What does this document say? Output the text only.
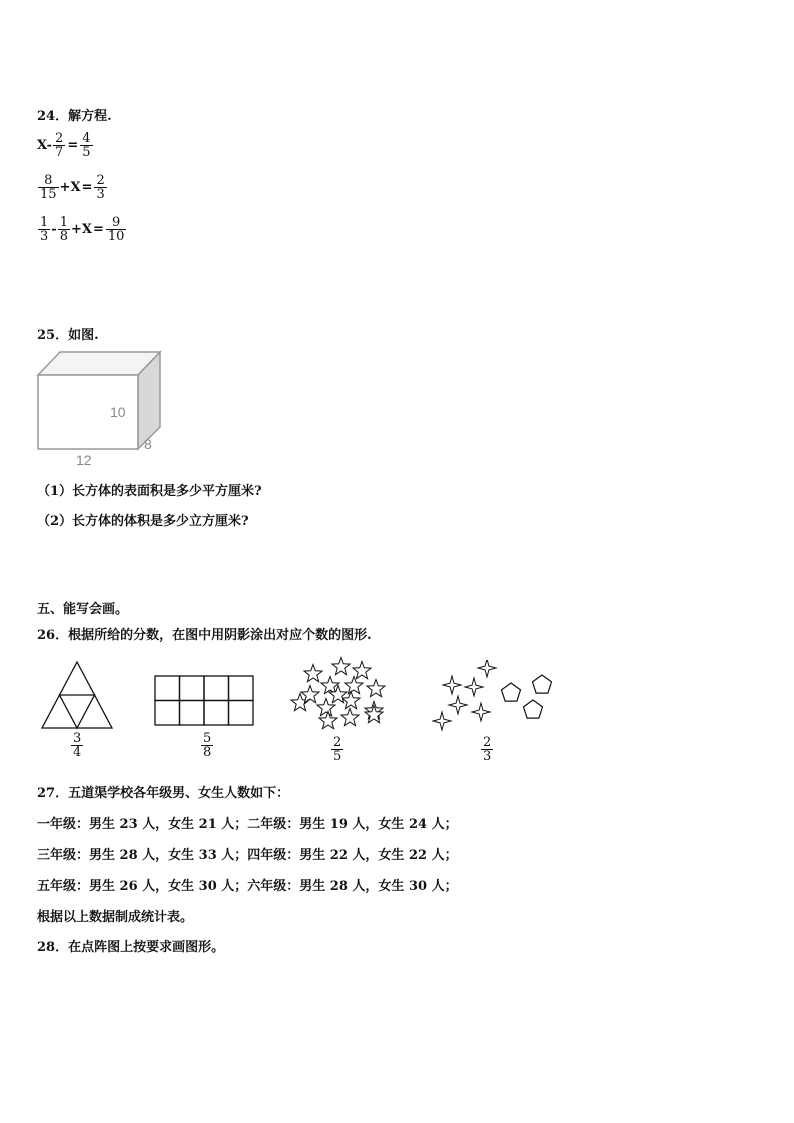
24．解方程.
$X- \frac{2}{7} = \frac{4}{5}$
$\frac{8}{15} +X = \frac{2}{3}$
$\frac{1}{3} - \frac{1}{8} +X = \frac{9}{10}$
25．如图.
10
8
12
（1）长方体的表面积是多少平方厘米?
（2）长方体的体积是多少立方厘米?
五、能写会画。
26．根据所给的分数，在图中用阴影涂出对应个数的图形.
$\frac{3}{4}$	$\frac{5}{8}$	$\frac{2}{5}$	$\frac{2}{3}$
27．五道渠学校各年级男、女生人数如下：
一年级：男生 23 人，女生 21 人；二年级：男生 19 人，女生 24 人；
三年级：男生 28 人，女生 33 人；四年级：男生 22 人，女生 22 人；
五年级：男生 26 人，女生 30 人；六年级：男生 28 人，女生 30 人；
根据以上数据制成统计表。
28．在点阵图上按要求画图形。
